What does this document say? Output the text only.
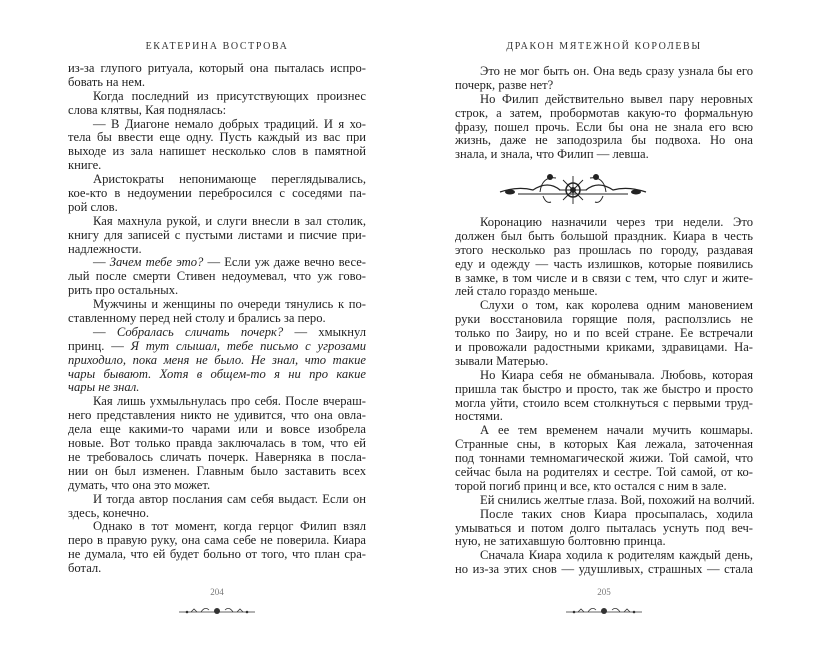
ЕКАТЕРИНА ВОСТРОВА
из-за глупого ритуала, который она пыталась испро-
бовать на нем.
Когда последний из присутствующих произнес
слова клятвы, Кая поднялась:
— В Диагоне немало добрых традиций. И я хо-
тела бы ввести еще одну. Пусть каждый из вас при
выходе из зала напишет несколько слов в памятной
книге.
Аристократы непонимающе переглядывались,
кое-кто в недоумении перебросился с соседями па-
рой слов.
Кая махнула рукой, и слуги внесли в зал столик,
книгу для записей с пустыми листами и писчие при-
надлежности.
— Зачем тебе это? — Если уж даже вечно весе-
лый после смерти Стивен недоумевал, что уж гово-
рить про остальных.
Мужчины и женщины по очереди тянулись к по-
ставленному перед ней столу и брались за перо.
— Собралась сличать почерк? — хмыкнул
принц. — Я тут слышал, тебе письмо с угрозами
приходило, пока меня не было. Не знал, что такие
чары бывают. Хотя в общем-то я ни про какие
чары не знал.
Кая лишь ухмыльнулась про себя. После вчераш-
него представления никто не удивится, что она овла-
дела еще какими-то чарами или и вовсе изобрела
новые. Вот только правда заключалась в том, что ей
не требовалось сличать почерк. Наверняка в посла-
нии он был изменен. Главным было заставить всех
думать, что она это может.
И тогда автор послания сам себя выдаст. Если он
здесь, конечно.
Однако в тот момент, когда герцог Филип взял
перо в правую руку, она сама себе не поверила. Киара
не думала, что ей будет больно от того, что план сра-
ботал.
204
ДРАКОН МЯТЕЖНОЙ КОРОЛЕВЫ
Это не мог быть он. Она ведь сразу узнала бы его
почерк, разве нет?
Но Филип действительно вывел пару неровных
строк, а затем, пробормотав какую-то формальную
фразу, пошел прочь. Если бы она не знала его всю
жизнь, даже не заподозрила бы подвоха. Но она
знала, и знала, что Филип — левша.
Коронацию назначили через три недели. Это
должен был быть большой праздник. Киара в честь
этого несколько раз прошлась по городу, раздавая
еду и одежду — часть излишков, которые появились
в замке, в том числе и в связи с тем, что слуг и жите-
лей стало гораздо меньше.
Слухи о том, как королева одним мановением
руки восстановила горящие поля, расползлись не
только по Заиру, но и по всей стране. Ее встречали
и провожали радостными криками, здравицами. На-
зывали Матерью.
Но Киара себя не обманывала. Любовь, которая
пришла так быстро и просто, так же быстро и просто
могла уйти, стоило всем столкнуться с первыми труд-
ностями.
А ее тем временем начали мучить кошмары.
Странные сны, в которых Кая лежала, заточенная
под тоннами темномагической жижи. Той самой, что
сейчас была на родителях и сестре. Той самой, от ко-
торой погиб принц и все, кто остался с ним в зале.
Ей снились желтые глаза. Вой, похожий на волчий.
После таких снов Киара просыпалась, ходила
умываться и потом долго пыталась уснуть под веч-
ную, не затихавшую болтовню принца.
Сначала Киара ходила к родителям каждый день,
но из-за этих снов — удушливых, страшных — стала
205
